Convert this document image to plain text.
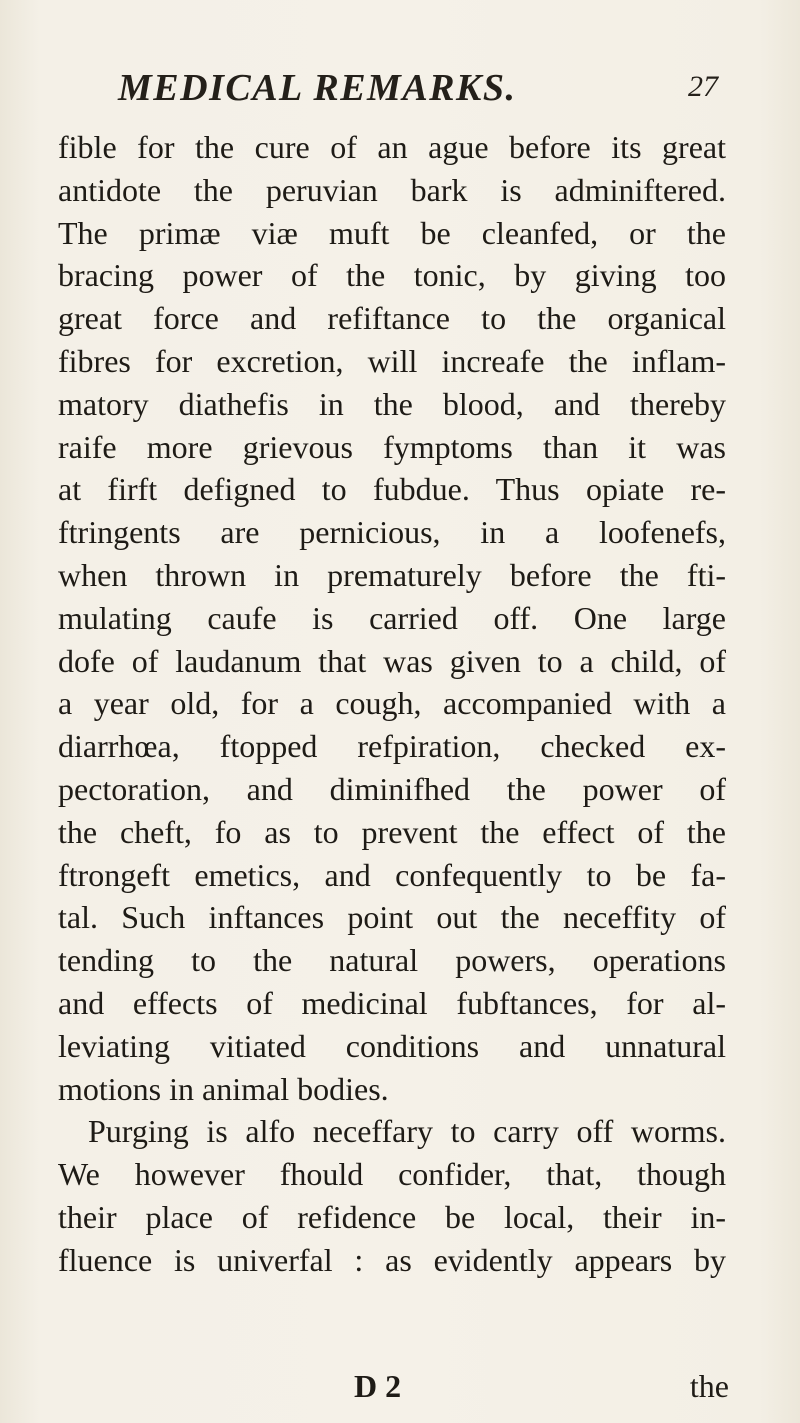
MEDICAL REMARKS.	27
fible for the cure of an ague before its great
antidote the peruvian bark is adminiftered.
The primæ viæ muft be cleanfed, or the
bracing power of the tonic, by giving too
great force and refiftance to the organical
fibres for excretion, will increafe the inflam-
matory diathefis in the blood, and thereby
raife more grievous fymptoms than it was
at firft defigned to fubdue. Thus opiate re-
ftringents are pernicious, in a loofenefs,
when thrown in prematurely before the fti-
mulating caufe is carried off. One large
dofe of laudanum that was given to a child, of
a year old, for a cough, accompanied with a
diarrhœa, ftopped refpiration, checked ex-
pectoration, and diminifhed the power of
the cheft, fo as to prevent the effect of the
ftrongeft emetics, and confequently to be fa-
tal. Such inftances point out the neceffity of
tending to the natural powers, operations
and effects of medicinal fubftances, for al-
leviating vitiated conditions and unnatural
motions in animal bodies.
Purging is alfo neceffary to carry off worms.
We however fhould confider, that, though
their place of refidence be local, their in-
fluence is univerfal : as evidently appears by
D 2	the
